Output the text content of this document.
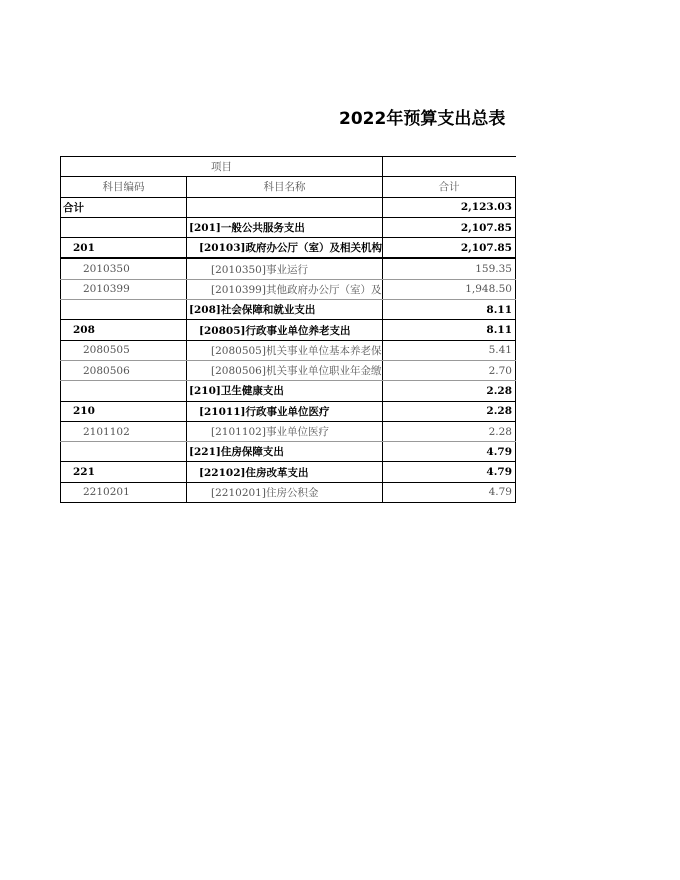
2022年预算支出总表
项目		
科目编码	科目名称	合计
合计		2,123.03
	[201]一般公共服务支出	2,107.85
201	[20103]政府办公厅（室）及相关机构	2,107.85
2010350	[2010350]事业运行	159.35
2010399	[2010399]其他政府办公厅（室）及	1,948.50
	[208]社会保障和就业支出	8.11
208	[20805]行政事业单位养老支出	8.11
2080505	[2080505]机关事业单位基本养老保	5.41
2080506	[2080506]机关事业单位职业年金缴	2.70
	[210]卫生健康支出	2.28
210	[21011]行政事业单位医疗	2.28
2101102	[2101102]事业单位医疗	2.28
	[221]住房保障支出	4.79
221	[22102]住房改革支出	4.79
2210201	[2210201]住房公积金	4.79
